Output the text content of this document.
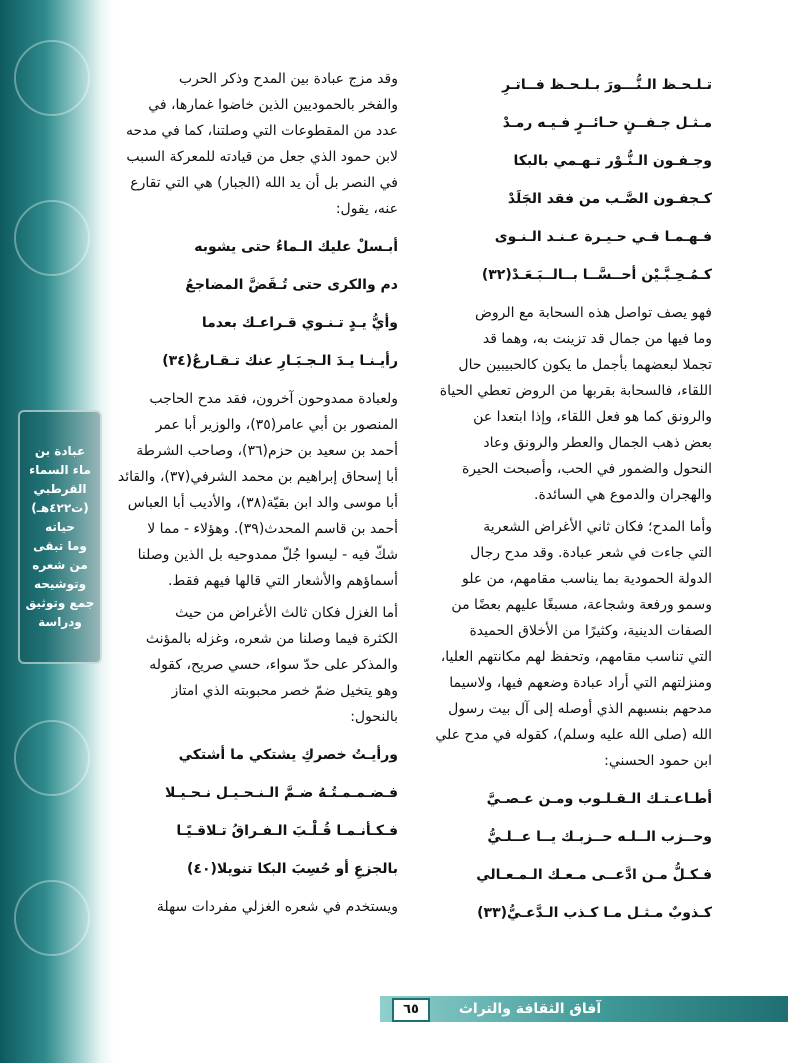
عبادة بن
ماء السماء
القرطبي
(ت٤٢٢هـ)
حياته
وما تبقى
من شعره
وتوشيحه
جمع وتوثيق
ودراسة
تـلـحـظ الـنُّـــورَ بـلـحـظ فــاتـرِ
مـثـل جـفــنٍ حـائــرٍ فـيـه رمـدْ
وجـفـون الـنُّـوْر تـهـمي بالبكا
كـجفـون الصَّـب من فقد الجَلَدْ
فـهـمـا فـي حـيـرة عـنـد الـنـوى
كـمُـحِـبَّـيْن أحــسَّــا بــالــبَـعَـدْ(٣٢)
فهو يصف تواصل هذه السحابة مع الروض
وما فيها من جمال قد تزينت به، وهما قد
تجملا لبعضهما بأجمل ما يكون كالحبيبين حال
اللقاء، فالسحابة بقربها من الروض تعطي الحياة
والرونق كما هو فعل اللقاء، وإذا ابتعدا عن
بعض ذهب الجمال والعطر والرونق وعاد
النحول والضمور في الحب، وأصبحت الحيرة
والهجران والدموع هي السائدة.
وأما المدح؛ فكان ثاني الأغراض الشعرية
التي جاءت في شعر عبادة. وقد مدح رجال
الدولة الحمودية بما يناسب مقامهم، من علو
وسمو ورفعة وشجاعة، مسبغًا عليهم بعضًا من
الصفات الدينية، وكثيرًا من الأخلاق الحميدة
التي تناسب مقامهم، وتحفظ لهم مكانتهم العليا،
ومنزلتهم التي أراد عبادة وضعهم فيها، ولاسيما
مدحهم بنسبهم الذي أوصله إلى آل بيت رسول
الله (صلى الله عليه وسلم)، كقوله في مدح علي
ابن حمود الحسني:
أطـاعـتـك الـقـلـوب ومـن عـصـيَّ
وحــزب الــلـه حــزبـك يــا عــلـيُّ
فـكـلُّ مـن ادَّعــى مـعـك الـمـعـالي
كـذوبٌ مـثـل مـا كـذب الـدَّعـيُّ(٣٣)
وقد مزج عبادة بين المدح وذكر الحرب
والفخر بالحموديين الذين خاضوا غمارها، في
عدد من المقطوعات التي وصلتنا، كما في مدحه
لابن حمود الذي جعل من قيادته للمعركة السبب
في النصر بل أن يد الله (الجبار) هي التي تقارع
عنه، يقول:
أبـسلْ عليك الـماءُ حتى يشوبه
دم والكرى حتى تُـقَضَّ المضاجعُ
وأيُّ يـدٍ تـنـوي قـراعـك بعدما
رأيـنـا يـدَ الـجـبَـارِ عنك تـقـارعُ(٣٤)
ولعبادة ممدوحون آخرون، فقد مدح الحاجب
المنصور بن أبي عامر(٣٥)، والوزير أبا عمر
أحمد بن سعيد بن حزم(٣٦)، وصاحب الشرطة
أبا إسحاق إبراهيم بن محمد الشرفي(٣٧)، والقائد
أبا موسى والد ابن بقيّة(٣٨)، والأديب أبا العباس
أحمد بن قاسم المحدث(٣٩). وهؤلاء - مما لا
شكّ فيه - ليسوا جُلّ ممدوحيه بل الذين وصلنا
أسماؤهم والأشعار التي قالها فيهم فقط.
أما الغزل فكان ثالث الأغراض من حيث
الكثرة فيما وصلنا من شعره، وغزله بالمؤنث
والمذكر على حدّ سواء، حسي صريح، كقوله
وهو يتخيل ضمّ خصر محبوبته الذي امتاز
بالنحول:
ورأيـتُ خصركِ يشتكي ما أشتكي
فـضـمـمـتُـهُ ضـمَّ الـنـحـيـل نـحـيـلا
فـكـأنـمـا قُـلْـبَ الـفـراقُ تـلاقـيًـا
بالجزعِ أو حُسِبَ البكا تنويلا(٤٠)
ويستخدم في شعره الغزلي مفردات سهلة
آفاق الثقافة والتراث
٦٥
